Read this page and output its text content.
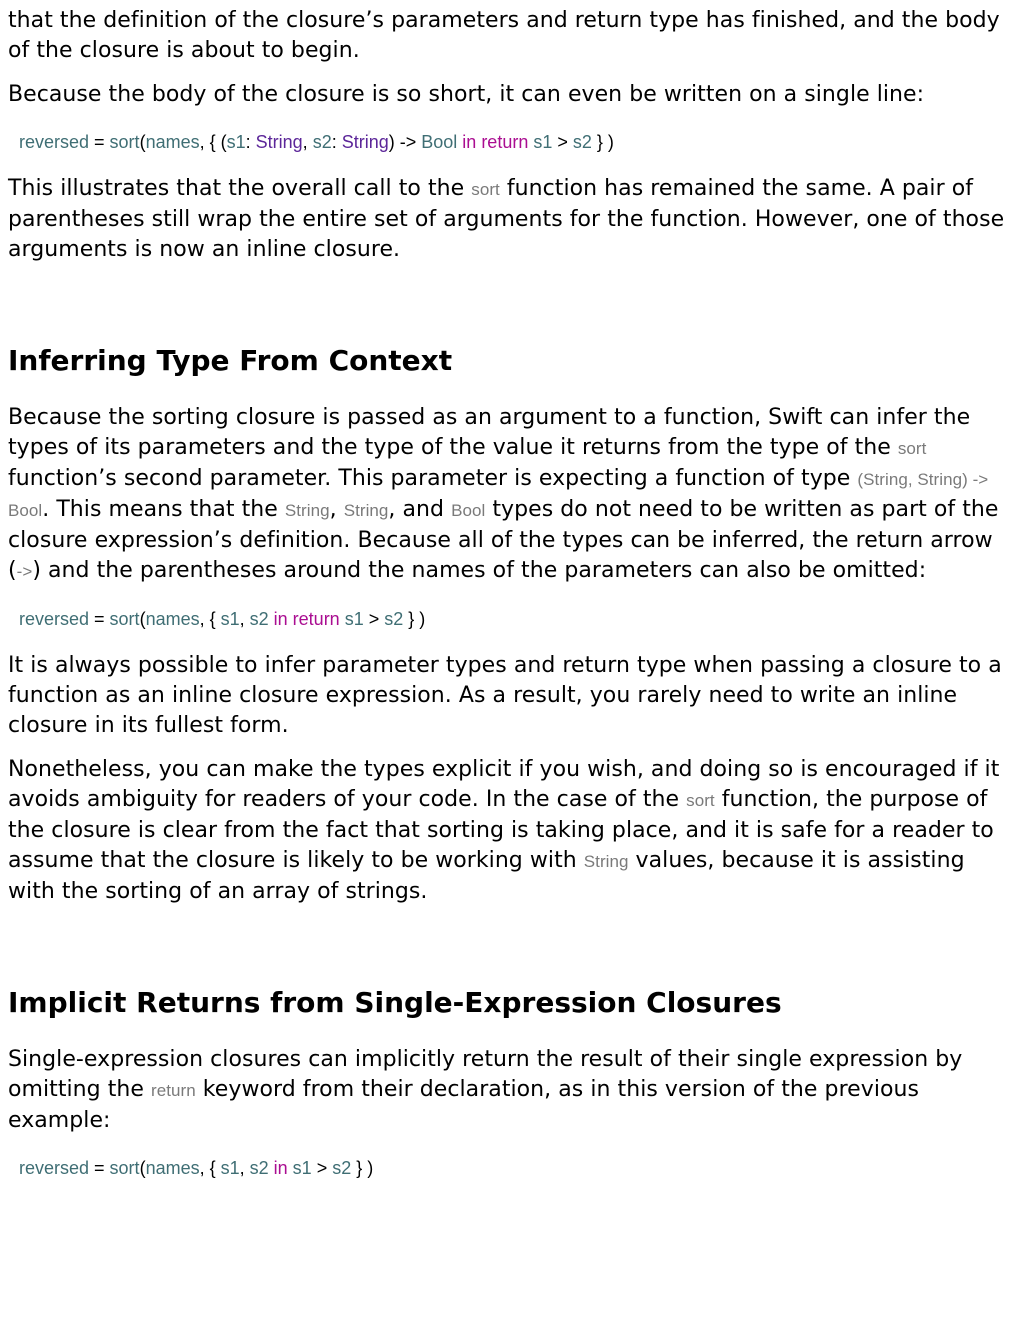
that the definition of the closure’s parameters and return type has finished, and the body of the closure is about to begin.

Because the body of the closure is so short, it can even be written on a single line:

reversed = sort(names, { (s1: String, s2: String) -> Bool in return s1 > s2 } )

This illustrates that the overall call to the sort function has remained the same. A pair of parentheses still wrap the entire set of arguments for the function. However, one of those arguments is now an inline closure.

Inferring Type From Context

Because the sorting closure is passed as an argument to a function, Swift can infer the types of its parameters and the type of the value it returns from the type of the sort function’s second parameter. This parameter is expecting a function of type (String, String) -> Bool. This means that the String, String, and Bool types do not need to be written as part of the closure expression’s definition. Because all of the types can be inferred, the return arrow (->) and the parentheses around the names of the parameters can also be omitted:

reversed = sort(names, { s1, s2 in return s1 > s2 } )

It is always possible to infer parameter types and return type when passing a closure to a function as an inline closure expression. As a result, you rarely need to write an inline closure in its fullest form.

Nonetheless, you can make the types explicit if you wish, and doing so is encouraged if it avoids ambiguity for readers of your code. In the case of the sort function, the purpose of the closure is clear from the fact that sorting is taking place, and it is safe for a reader to assume that the closure is likely to be working with String values, because it is assisting with the sorting of an array of strings.

Implicit Returns from Single-Expression Closures

Single-expression closures can implicitly return the result of their single expression by omitting the return keyword from their declaration, as in this version of the previous example:

reversed = sort(names, { s1, s2 in s1 > s2 } )
